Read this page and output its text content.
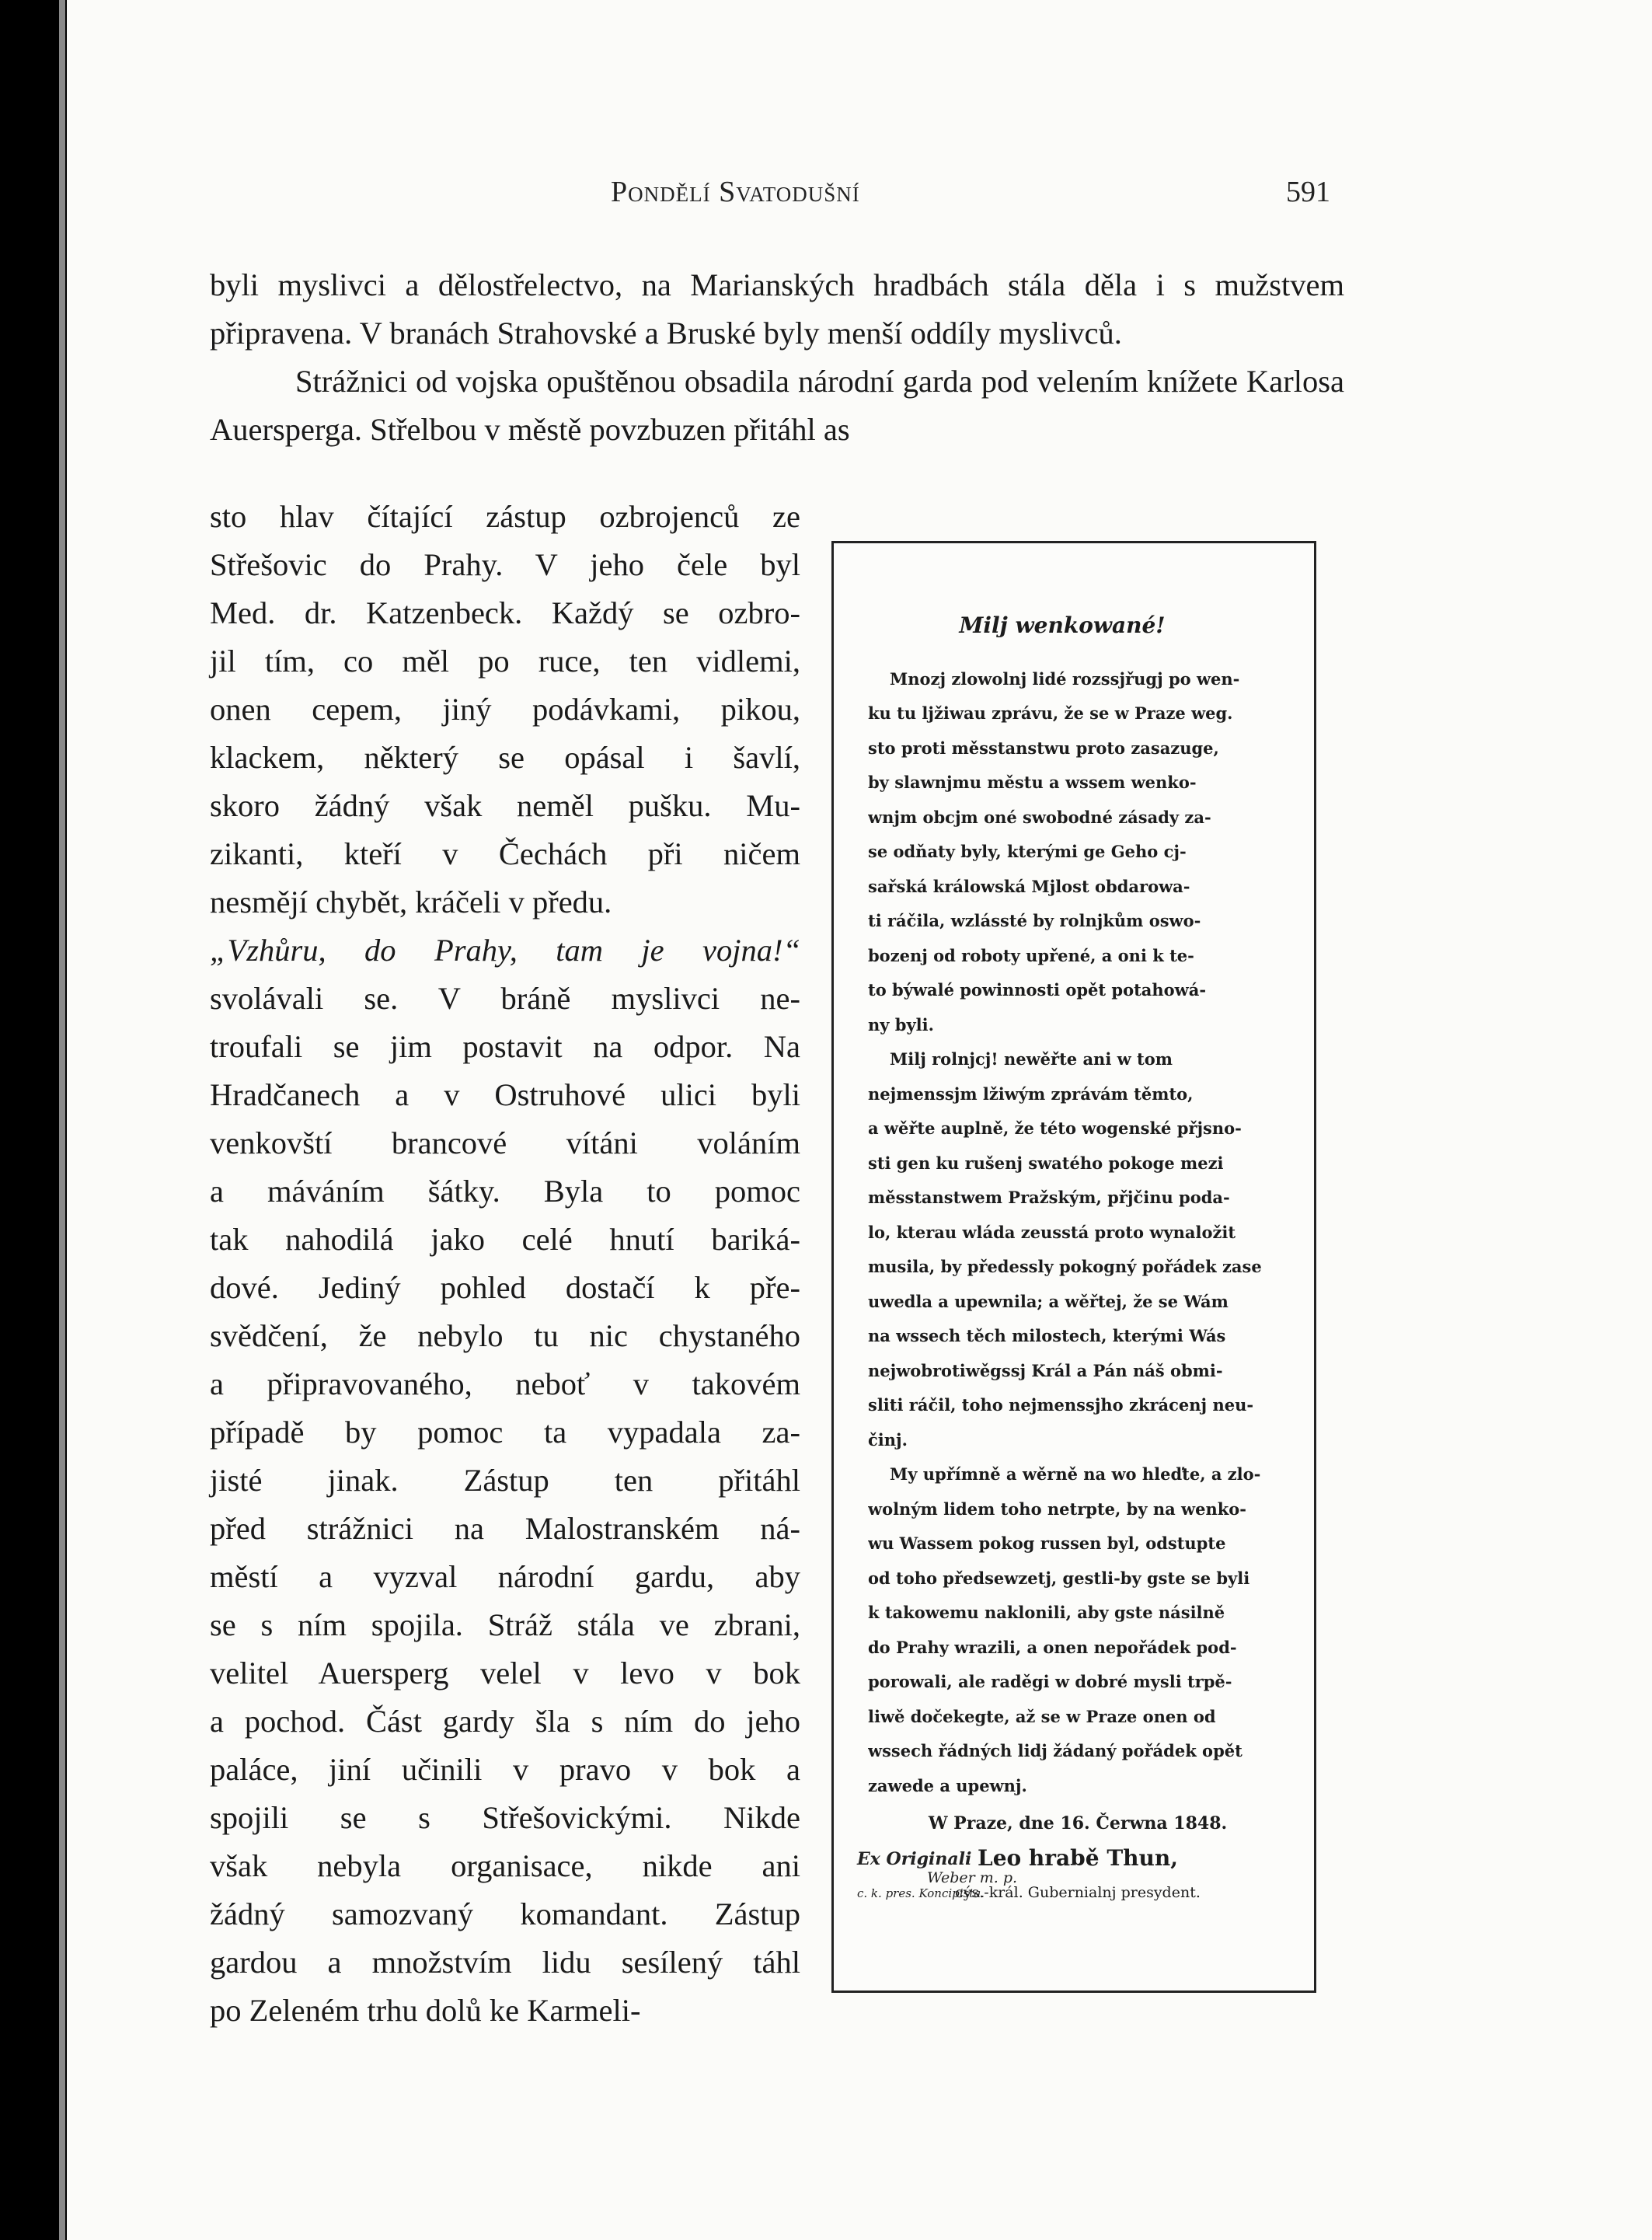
Pondělí Svatodušní	591

byli myslivci a dělostřelectvo, na Marianských hradbách stála děla i s mužstvem připravena. V branách Strahovské a Bruské byly menší oddíly myslivců.

Strážnici od vojska opuštěnou obsadila národní garda pod velením knížete Karlosa Auersperga. Střelbou v městě povzbuzen přitáhl as

sto hlav čítající zástup ozbrojenců ze
Střešovic do Prahy. V jeho čele byl
Med. dr. Katzenbeck. Každý se ozbro-
jil tím, co měl po ruce, ten vidlemi,
onen cepem, jiný podávkami, pikou,
klackem, některý se opásal i šavlí,
skoro žádný však neměl pušku. Mu-
zikanti, kteří v Čechách při ničem
nesmějí chybět, kráčeli v předu.
„Vzhůru, do Prahy, tam je vojna!“
svolávali se. V bráně myslivci ne-
troufali se jim postavit na odpor. Na
Hradčanech a v Ostruhové ulici byli
venkovští brancové vítáni voláním
a máváním šátky. Byla to pomoc
tak nahodilá jako celé hnutí bariká-
dové. Jediný pohled dostačí k pře-
svědčení, že nebylo tu nic chystaného
a připravovaného, neboť v takovém
případě by pomoc ta vypadala za-
jisté jinak. Zástup ten přitáhl
před strážnici na Malostranském ná-
městí a vyzval národní gardu, aby
se s ním spojila. Stráž stála ve zbrani,
velitel Auersperg velel v levo v bok
a pochod. Část gardy šla s ním do jeho
paláce, jiní učinili v pravo v bok a
spojili se s Střešovickými. Nikde
však nebyla organisace, nikde ani
žádný samozvaný komandant. Zástup
gardou a množstvím lidu sesílený táhl
po Zeleném trhu dolů ke Karmeli-
Milj wenkowané!
Mnozj zlowolnj lidé rozssjřugj po wen-
ku tu ljžiwau zprávu, že se w Praze weg.
sto proti měsstanstwu proto zasazuge,
by slawnjmu městu a wssem wenko-
wnjm obcjm oné swobodné zásady za-
se odňaty byly, kterými ge Geho cj-
sařská králowská Mjlost obdarowa-
ti ráčila, wzlássté by rolnjkům oswo-
bozenj od roboty upřené, a oni k te-
to býwalé powinnosti opět potahowá-
ny byli.
Milj rolnjcj! newěřte ani w tom
nejmenssjm lžiwým zprávám těmto,
a wěřte auplně, že této wogenské přjsno-
sti gen ku rušenj swatého pokoge mezi
měsstanstwem Pražským, přjčinu poda-
lo, kterau wláda zeusstá proto wynaložit
musila, by předessly pokogný pořádek zase
uwedla a upewnila; a wěřtej, že se Wám
na wssech těch milostech, kterými Wás
nejwobrotiwěgssj Král a Pán náš obmi-
sliti ráčil, toho nejmenssjho zkrácenj neu-
činj.
My upřímně a wěrně na wo hleďte, a zlo-
wolným lidem toho netrpte, by na wenko-
wu Wassem pokog russen byl, odstupte
od toho předsewzetj, gestli-by gste se byli
k takowemu naklonili, aby gste násilně
do Prahy wrazili, a onen nepořádek pod-
porowali, ale raděgi w dobré mysli trpě-
liwě dočekegte, až se w Praze onen od
wssech řádných lidj žádaný pořádek opět
zawede a upewnj.
W Praze, dne 16. Čerwna 1848.
Leo hrabě Thun,
cýs.-král. Gubernialnj presydent.
Ex Originali
Weber m. p.
c. k. pres. Koncipista.
